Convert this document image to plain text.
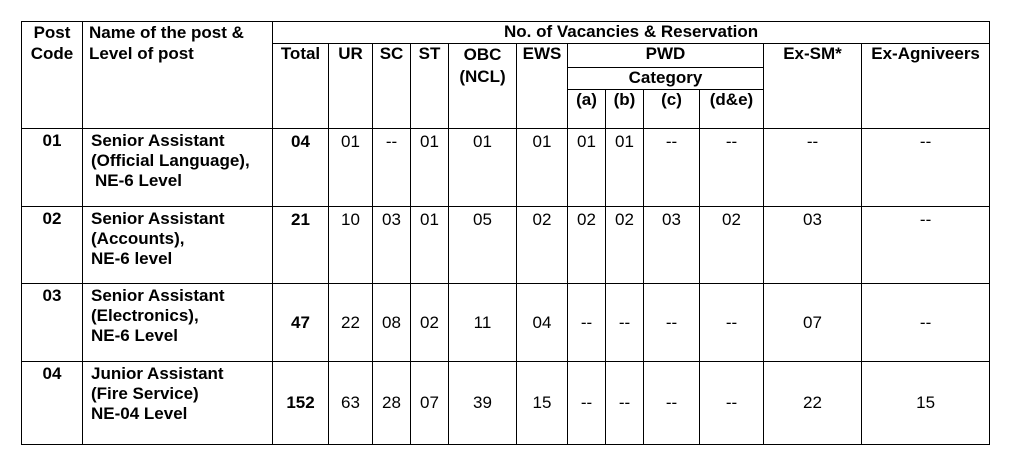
Post Code	Name of the post & Level of post	No. of Vacancies & Reservation											
		Total	UR	SC	ST	OBC (NCL)	EWS	PWD				Ex-SM*	Ex-Agniveers
								Category					
								(a)	(b)	(c)	(d&e)		
01	Senior Assistant
(Official Language),
NE-6 Level	04	01	--	01	01	01	01	01	--	--	--	--
02	Senior Assistant
(Accounts),
NE-6 level	21	10	03	01	05	02	02	02	03	02	03	--
03	Senior Assistant
(Electronics),
NE-6 Level	47	22	08	02	11	04	--	--	--	--	07	--
04	Junior Assistant
(Fire Service)
NE-04 Level	152	63	28	07	39	15	--	--	--	--	22	15
